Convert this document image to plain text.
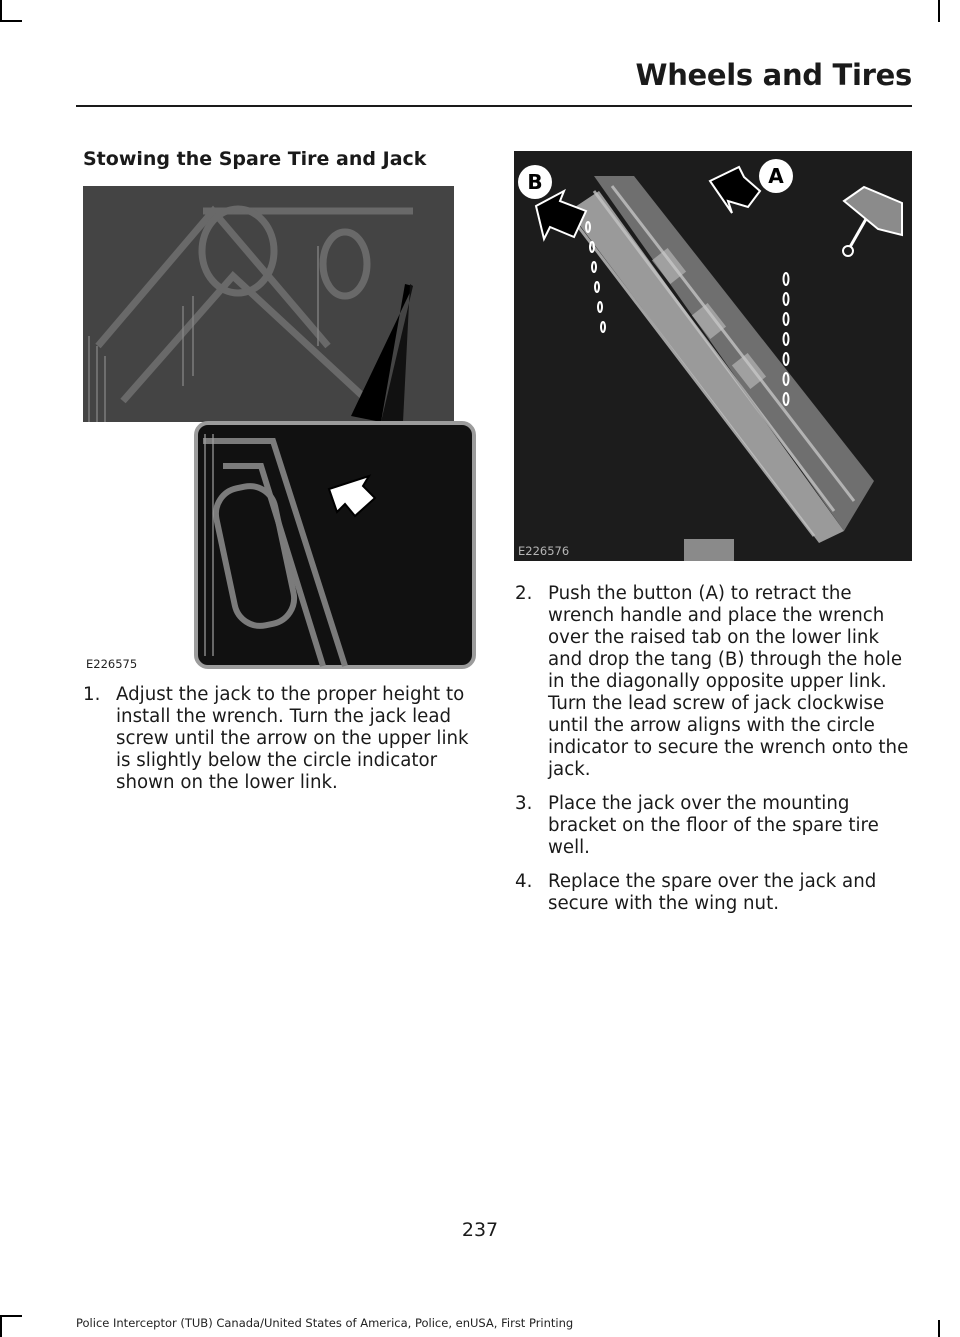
Wheels and Tires
Stowing the Spare Tire and Jack
E226575
B	A
E226576
1. Adjust the jack to the proper height to install the wrench. Turn the jack lead screw until the arrow on the upper link is slightly below the circle indicator shown on the lower link.
2. Push the button (A) to retract the wrench handle and place the wrench over the raised tab on the lower link and drop the tang (B) through the hole in the diagonally opposite upper link. Turn the lead screw of jack clockwise until the arrow aligns with the circle indicator to secure the wrench onto the jack.
3. Place the jack over the mounting bracket on the floor of the spare tire well.
4. Replace the spare over the jack and secure with the wing nut.
237
Police Interceptor (TUB) Canada/United States of America, Police, enUSA, First Printing
